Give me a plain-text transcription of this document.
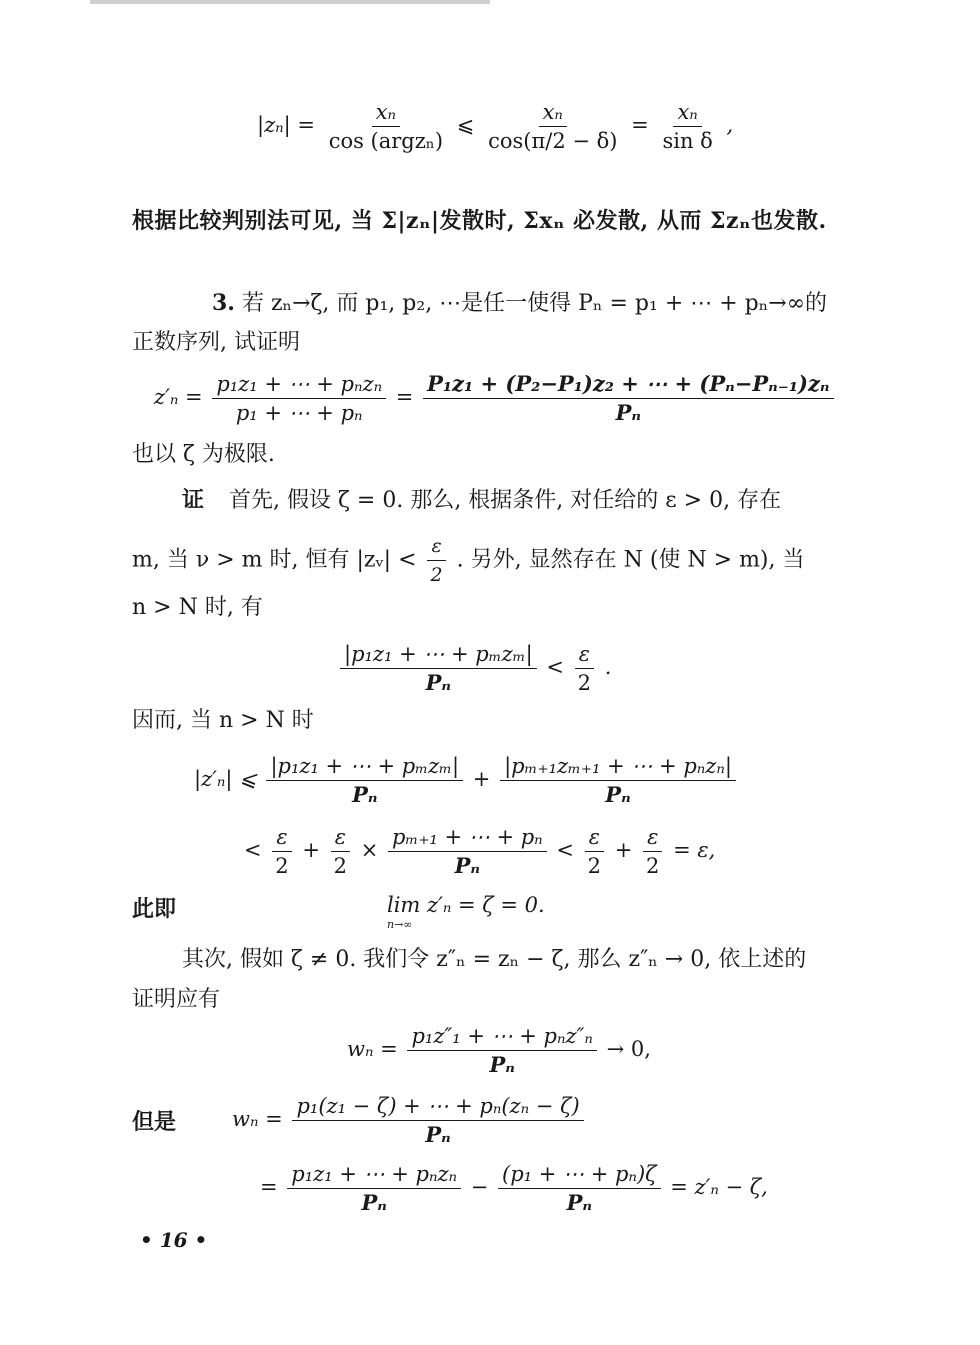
$|z_n| = \frac{\text{xₙ}}{\text{cos (argzₙ)}}$ ⩽ $\frac{\text{xₙ}}{\cos(\pi/2 - \delta)} = \frac{\text{xₙ}}{\text{sin δ}}$ ,
根据比较判别法可见, 当 Σ|zₙ|发散时, Σxₙ 必发散, 从而 Σzₙ也发散.
3. 若 zₙ→ζ, 而 p₁, p₂, ⋯是任一使得 Pₙ = p₁ + ⋯ + pₙ→∞的
正数序列, 试证明
$z'_n = \frac{\text{p₁z₁ + ⋯ + pₙzₙ}}{\text{p₁ + ⋯ + pₙ}} = \frac{\text{P₁z₁ + (P₂−P₁)z₂ + ⋯ + (Pₙ−Pₙ₋₁)zₙ}}{\text{Pₙ}}$
也以 ζ 为极限.
证 首先, 假设 ζ = 0. 那么, 根据条件, 对任给的 ε > 0, 存在
m, 当 ν > m 时, 恒有 |zᵥ| < $\frac{\varepsilon}{2}$ . 另外, 显然存在 N (使 N > m), 当
n > N 时, 有
$\frac{\text{|p₁z₁ + ⋯ + pₘzₘ|}}{\text{Pₙ}} < \frac{\varepsilon}{2}$ .
因而, 当 n > N 时
|z′ₙ| ⩽ $\frac{\text{|p₁z₁ + ⋯ + pₘzₘ|}}{\text{Pₙ}} + \frac{\text{|pₘ₊₁zₘ₊₁ + ⋯ + pₙzₙ|}}{\text{Pₙ}}$
< $\frac{\varepsilon}{2} + \frac{\varepsilon}{2} \times \frac{\text{pₘ₊₁ + ⋯ + pₙ}}{\text{Pₙ}} < \frac{\varepsilon}{2} + \frac{\varepsilon}{2} = \varepsilon$,
此即	lim z′ₙ = ζ = 0.
n→∞
其次, 假如 ζ ≠ 0. 我们令 z″ₙ = zₙ − ζ, 那么 z″ₙ → 0, 依上述的
证明应有
$w_n = \frac{\text{p₁z″₁ + ⋯ + pₙz″ₙ}}{\text{Pₙ}} \to 0$,
但是	$w_n = \frac{\text{p₁(z₁ − ζ) + ⋯ + pₙ(zₙ − ζ)}}{\text{Pₙ}}$
= $\frac{\text{p₁z₁ + ⋯ + pₙzₙ}}{\text{Pₙ}} - \frac{\text{(p₁ + ⋯ + pₙ)ζ}}{\text{Pₙ}} = z'_n - \zeta$,
• 16 •
